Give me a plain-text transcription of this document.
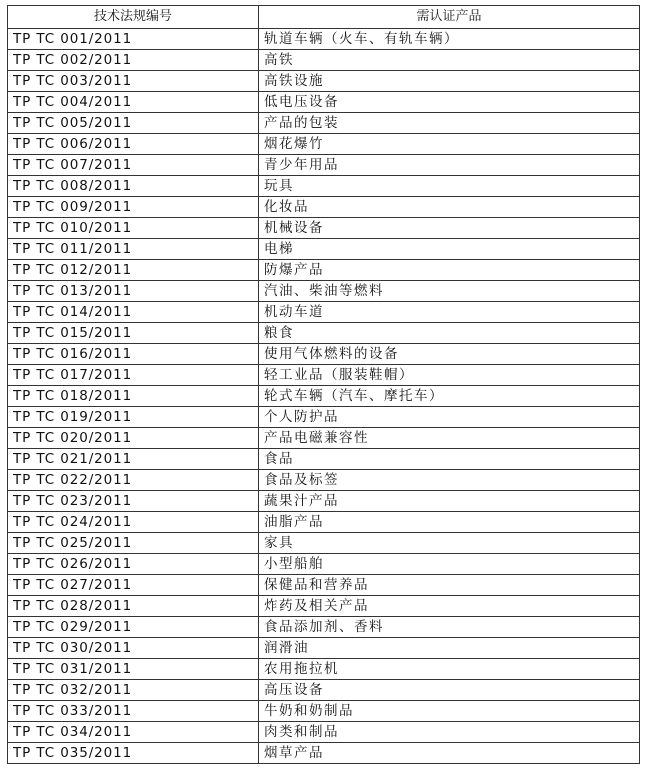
技术法规编号	需认证产品
TP TC 001/2011	轨道车辆（火车、有轨车辆）
TP TC 002/2011	高铁
TP TC 003/2011	高铁设施
TP TC 004/2011	低电压设备
TP TC 005/2011	产品的包装
TP TC 006/2011	烟花爆竹
TP TC 007/2011	青少年用品
TP TC 008/2011	玩具
TP TC 009/2011	化妆品
TP TC 010/2011	机械设备
TP TC 011/2011	电梯
TP TC 012/2011	防爆产品
TP TC 013/2011	汽油、柴油等燃料
TP TC 014/2011	机动车道
TP TC 015/2011	粮食
TP TC 016/2011	使用气体燃料的设备
TP TC 017/2011	轻工业品（服装鞋帽）
TP TC 018/2011	轮式车辆（汽车、摩托车）
TP TC 019/2011	个人防护品
TP TC 020/2011	产品电磁兼容性
TP TC 021/2011	食品
TP TC 022/2011	食品及标签
TP TC 023/2011	蔬果汁产品
TP TC 024/2011	油脂产品
TP TC 025/2011	家具
TP TC 026/2011	小型船舶
TP TC 027/2011	保健品和营养品
TP TC 028/2011	炸药及相关产品
TP TC 029/2011	食品添加剂、香料
TP TC 030/2011	润滑油
TP TC 031/2011	农用拖拉机
TP TC 032/2011	高压设备
TP TC 033/2011	牛奶和奶制品
TP TC 034/2011	肉类和制品
TP TC 035/2011	烟草产品
